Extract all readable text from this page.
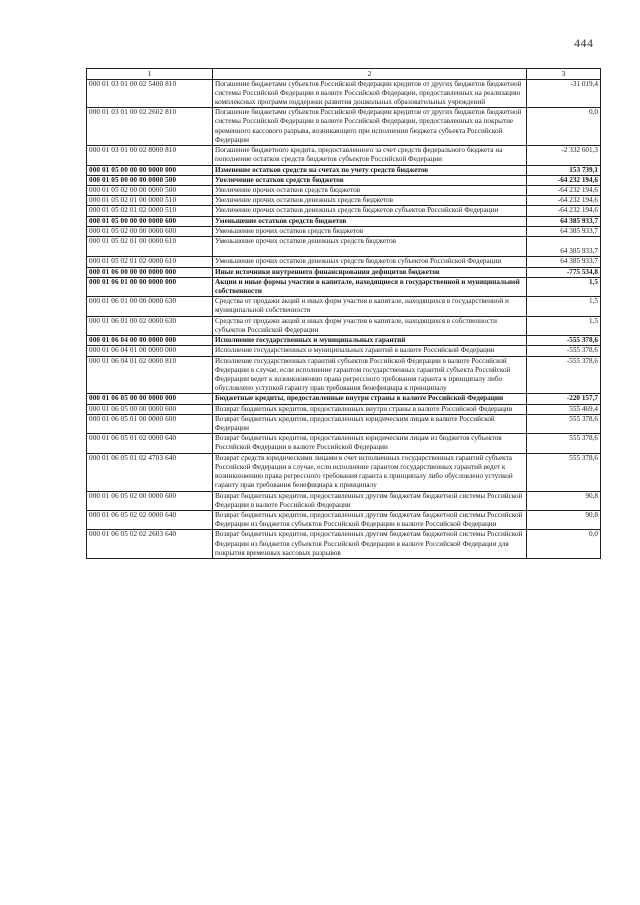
444
1	2	3
000 01 03 01 00 02 5400 810	Погашение бюджетами субъектов Российской Федерации кредитов от других бюджетов бюджетной системы Российской Федерации в валюте Российской Федерации, предоставленных на реализацию комплексных программ поддержки развития дошкольных образовательных учреждений	-31 019,4
000 01 03 01 00 02 2602 810	Погашение бюджетами субъектов Российской Федерации кредитов от других бюджетов бюджетной системы Российской Федерации в валюте Российской Федерации, предоставленных на покрытие временного кассового разрыва, возникающего при исполнении бюджета субъекта Российской Федерации	0,0
000 01 03 01 00 02 8000 810	Погашение бюджетного кредита, предоставленного за счет средств федерального бюджета на пополнение остатков средств бюджетов субъектов Российской Федерации	-2 332 601,3
000 01 05 00 00 00 0000 000	Изменение остатков средств на счетах по учету средств бюджетов	153 739,1
000 01 05 00 00 00 0000 500	Увеличение остатков средств бюджетов	-64 232 194,6
000 01 05 02 00 00 0000 500	Увеличение прочих остатков средств бюджетов	-64 232 194,6
000 01 05 02 01 00 0000 510	Увеличение прочих остатков денежных средств бюджетов	-64 232 194,6
000 01 05 02 01 02 0000 510	Увеличение прочих остатков денежных средств бюджетов субъектов Российской Федерации	-64 232 194,6
000 01 05 00 00 00 0000 600	Уменьшение остатков средств бюджетов	64 385 933,7
000 01 05 02 00 00 0000 600	Уменьшение прочих остатков средств бюджетов	64 385 933,7
000 01 05 02 01 00 0000 610	Уменьшение прочих остатков денежных средств бюджетов	64 385 933,7
000 01 05 02 01 02 0000 610	Уменьшение прочих остатков денежных средств бюджетов субъектов Российской Федерации	64 385 933,7
000 01 06 00 00 00 0000 000	Иные источники внутреннего финансирования дефицитов бюджетов	-775 534,8
000 01 06 01 00 00 0000 000	Акции и иные формы участия в капитале, находящиеся в государственной и муниципальной собственности	1,5
000 01 06 01 00 00 0000 630	Средства от продажи акций и иных форм участия в капитале, находящихся в государственной и муниципальной собственности	1,5
000 01 06 01 00 02 0000 630	Средства от продажи акций и иных форм участия в капитале, находящихся в собственности субъектов Российской Федерации	1,5
000 01 06 04 00 00 0000 000	Исполнение государственных и муниципальных гарантий	-555 378,6
000 01 06 04 01 00 0000 000	Исполнение государственных и муниципальных гарантий в валюте Российской Федерации	-555 378,6
000 01 06 04 01 02 0000 810	Исполнение государственных гарантий субъектов Российской Федерации в валюте Российской Федерации в случае, если исполнение гарантом государственных гарантий субъекта Российской Федерации ведет к возникновению права регрессного требования гаранта к принципалу либо обусловлено уступкой гаранту прав требования бенефициара к принципалу	-555 378,6
000 01 06 05 00 00 0000 000	Бюджетные кредиты, предоставленные внутри страны в валюте Российской Федерации	-220 157,7
000 01 06 05 00 00 0000 600	Возврат бюджетных кредитов, предоставленных внутри страны в валюте Российской Федерации	555 469,4
000 01 06 05 01 00 0000 600	Возврат бюджетных кредитов, предоставленных юридическим лицам в валюте Российской Федерации	555 378,6
000 01 06 05 01 02 0000 640	Возврат бюджетных кредитов, предоставленных юридическим лицам из бюджетов субъектов Российской Федерации в валюте Российской Федерации	555 378,6
000 01 06 05 01 02 4703 640	Возврат средств юридическими лицами в счет исполненных государственных гарантий субъекта Российской Федерации в случае, если исполнение гарантом государственных гарантий ведет к возникновению права регрессного требования гаранта к принципалу либо обусловлено уступкой гаранту прав требования бенефициара к принципалу	555 378,6
000 01 06 05 02 00 0000 600	Возврат бюджетных кредитов, предоставленных другим бюджетам бюджетной системы Российской Федерации в валюте Российской Федерации	90,8
000 01 06 05 02 02 0000 640	Возврат бюджетных кредитов, предоставленных другим бюджетам бюджетной системы Российской Федерации из бюджетов субъектов Российской Федерации в валюте Российской Федерации	90,8
000 01 06 05 02 02 2603 640	Возврат бюджетных кредитов, предоставленных другим бюджетам бюджетной системы Российской Федерации из бюджетов субъектов Российской Федерации в валюте Российской Федерации для покрытия временных кассовых разрывов	0,0
